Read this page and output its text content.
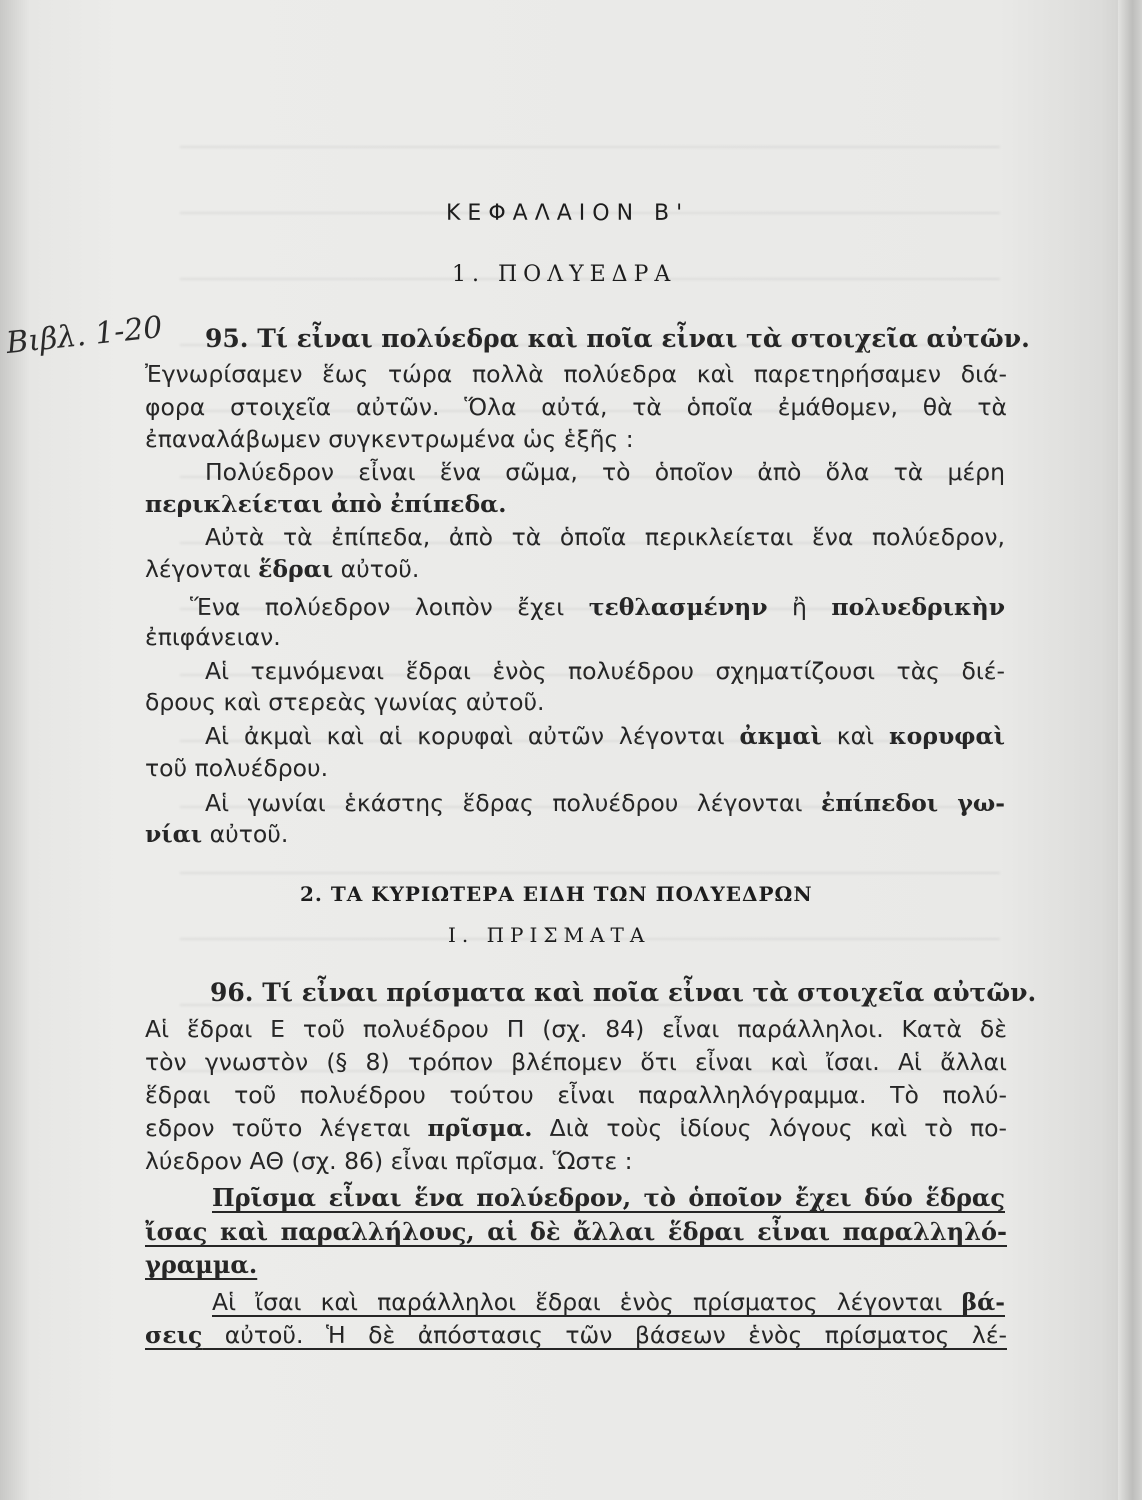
Βιβλ. 1-20
ΚΕΦΑΛΑΙΟΝ Β'
1. ΠΟΛΥΕΔΡΑ
95. Τί εἶναι πολύεδρα καὶ ποῖα εἶναι τὰ στοιχεῖα αὐτῶν.
Ἐγνωρίσαμεν ἕως τώρα πολλὰ πολύεδρα καὶ παρετηρήσαμεν διά-
φορα στοιχεῖα αὐτῶν. Ὅλα αὐτά, τὰ ὁποῖα ἐμάθομεν, θὰ τὰ
ἐπαναλάβωμεν συγκεντρωμένα ὡς ἑξῆς :
Πολύεδρον εἶναι ἕνα σῶμα, τὸ ὁποῖον ἀπὸ ὅλα τὰ μέρη
περικλείεται ἀπὸ ἐπίπεδα.
Αὐτὰ τὰ ἐπίπεδα, ἀπὸ τὰ ὁποῖα περικλείεται ἕνα πολύεδρον,
λέγονται ἕδραι αὐτοῦ.
Ἕνα πολύεδρον λοιπὸν ἔχει τεθλασμένην ἢ πολυεδρικὴν
ἐπιφάνειαν.
Αἱ τεμνόμεναι ἕδραι ἑνὸς πολυέδρου σχηματίζουσι τὰς διέ-
δρους καὶ στερεὰς γωνίας αὐτοῦ.
Αἱ ἀκμαὶ καὶ αἱ κορυφαὶ αὐτῶν λέγονται ἀκμαὶ καὶ κορυφαὶ
τοῦ πολυέδρου.
Αἱ γωνίαι ἑκάστης ἕδρας πολυέδρου λέγονται ἐπίπεδοι γω-
νίαι αὐτοῦ.
2. ΤΑ ΚΥΡΙΩΤΕΡΑ ΕΙΔΗ ΤΩΝ ΠΟΛΥΕΔΡΩΝ
Ι. ΠΡΙΣΜΑΤΑ
96. Τί εἶναι πρίσματα καὶ ποῖα εἶναι τὰ στοιχεῖα αὐτῶν.
Αἱ ἕδραι Ε τοῦ πολυέδρου Π (σχ. 84) εἶναι παράλληλοι. Κατὰ δὲ
τὸν γνωστὸν (§ 8) τρόπον βλέπομεν ὅτι εἶναι καὶ ἴσαι. Αἱ ἄλλαι
ἕδραι τοῦ πολυέδρου τούτου εἶναι παραλληλόγραμμα. Τὸ πολύ-
εδρον τοῦτο λέγεται πρῖσμα. Διὰ τοὺς ἰδίους λόγους καὶ τὸ πο-
λύεδρον ΑΘ (σχ. 86) εἶναι πρῖσμα. Ὥστε :
Πρῖσμα εἶναι ἕνα πολύεδρον, τὸ ὁποῖον ἔχει δύο ἕδρας
ἴσας καὶ παραλλήλους, αἱ δὲ ἄλλαι ἕδραι εἶναι παραλληλό-
γραμμα.
Αἱ ἴσαι καὶ παράλληλοι ἕδραι ἑνὸς πρίσματος λέγονται βά-
σεις αὐτοῦ. Ἡ δὲ ἀπόστασις τῶν βάσεων ἑνὸς πρίσματος λέ-
